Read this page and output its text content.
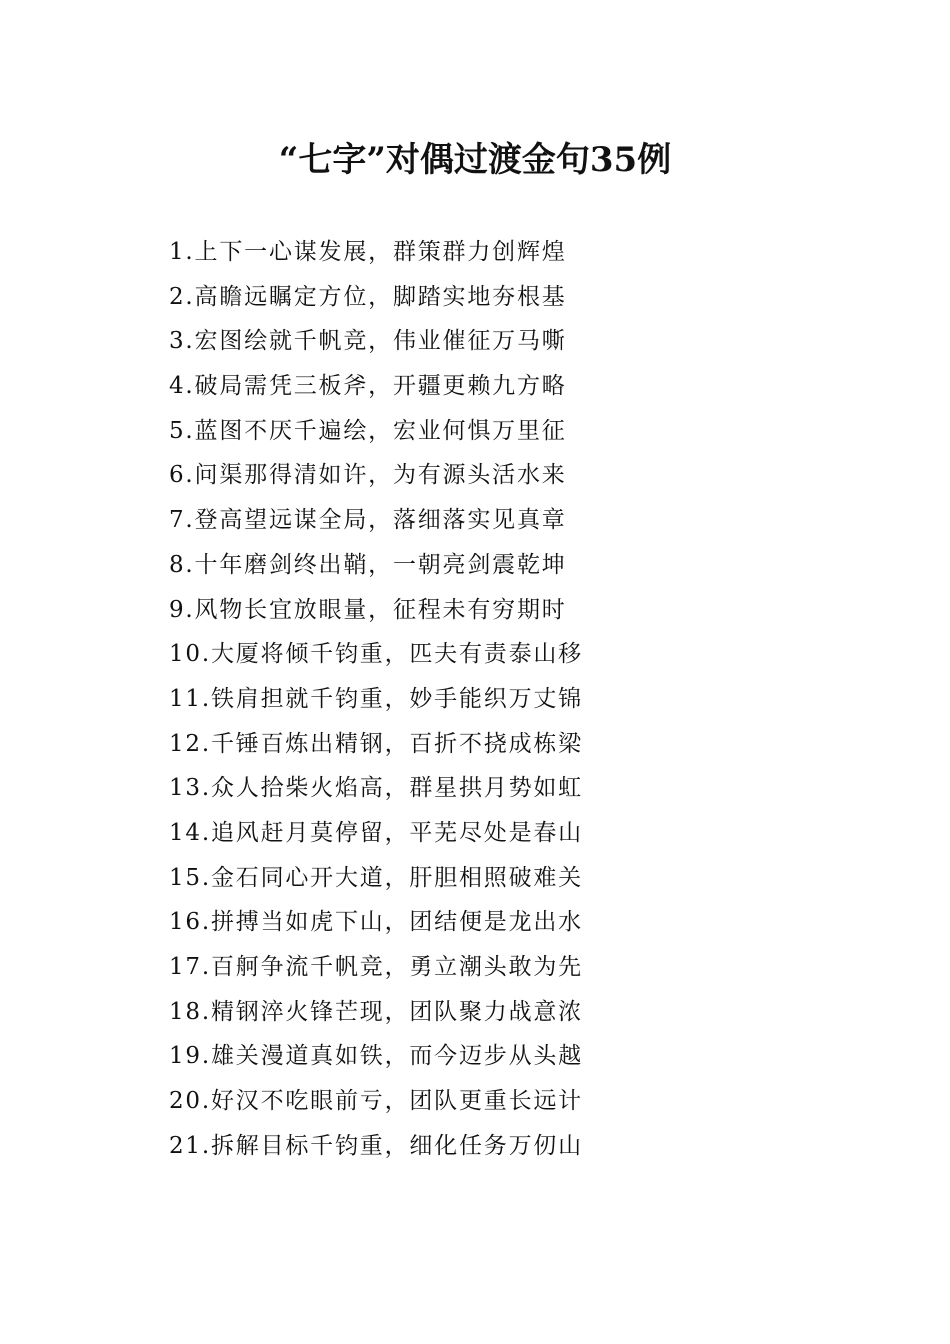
“七字”对偶过渡金句35例
1.上下一心谋发展，群策群力创辉煌
2.高瞻远瞩定方位，脚踏实地夯根基
3.宏图绘就千帆竞，伟业催征万马嘶
4.破局需凭三板斧，开疆更赖九方略
5.蓝图不厌千遍绘，宏业何惧万里征
6.问渠那得清如许，为有源头活水来
7.登高望远谋全局，落细落实见真章
8.十年磨剑终出鞘，一朝亮剑震乾坤
9.风物长宜放眼量，征程未有穷期时
10.大厦将倾千钧重，匹夫有责泰山移
11.铁肩担就千钧重，妙手能织万丈锦
12.千锤百炼出精钢，百折不挠成栋梁
13.众人拾柴火焰高，群星拱月势如虹
14.追风赶月莫停留，平芜尽处是春山
15.金石同心开大道，肝胆相照破难关
16.拼搏当如虎下山，团结便是龙出水
17.百舸争流千帆竞，勇立潮头敢为先
18.精钢淬火锋芒现，团队聚力战意浓
19.雄关漫道真如铁，而今迈步从头越
20.好汉不吃眼前亏，团队更重长远计
21.拆解目标千钧重，细化任务万仞山
